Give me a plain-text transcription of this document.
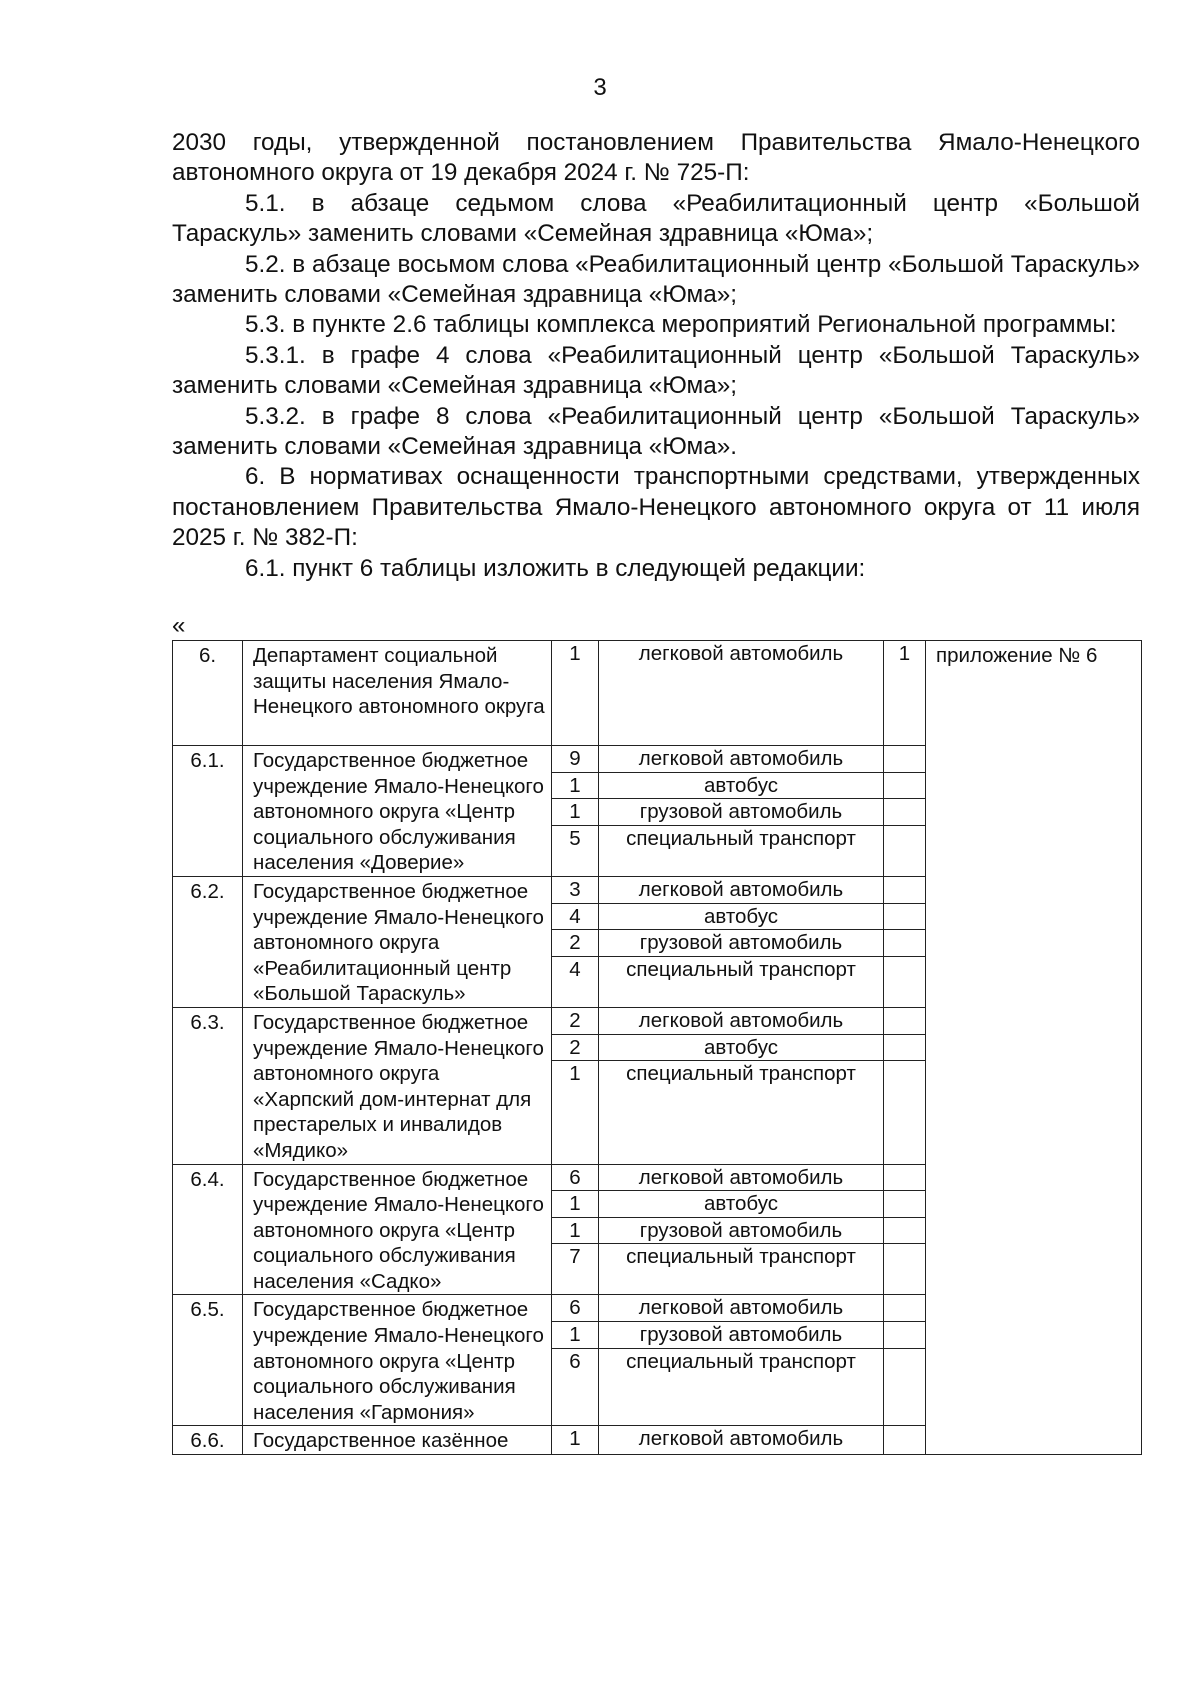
3

2030 годы, утвержденной постановлением Правительства Ямало-Ненецкого автономного округа от 19 декабря 2024 г. № 725-П:

5.1. в абзаце седьмом слова «Реабилитационный центр «Большой Тараскуль» заменить словами «Семейная здравница «Юма»;

5.2. в абзаце восьмом слова «Реабилитационный центр «Большой Тараскуль» заменить словами «Семейная здравница «Юма»;

5.3. в пункте 2.6 таблицы комплекса мероприятий Региональной программы:

5.3.1. в графе 4 слова «Реабилитационный центр «Большой Тараскуль» заменить словами «Семейная здравница «Юма»;

5.3.2. в графе 8 слова «Реабилитационный центр «Большой Тараскуль» заменить словами «Семейная здравница «Юма».

6. В нормативах оснащенности транспортными средствами, утвержденных постановлением Правительства Ямало-Ненецкого автономного округа от 11 июля 2025 г. № 382-П:

6.1. пункт 6 таблицы изложить в следующей редакции:

«
6.	Департамент социальной защиты населения Ямало-Ненецкого автономного округа	1	легковой автомобиль	1	приложение № 6
6.1.	Государственное бюджетное учреждение Ямало-Ненецкого автономного округа «Центр социального обслуживания населения «Доверие»	9	легковой автомобиль		
		1	автобус		
		1	грузовой автомобиль		
		5	специальный транспорт		
6.2.	Государственное бюджетное учреждение Ямало-Ненецкого автономного округа «Реабилитационный центр «Большой Тараскуль»	3	легковой автомобиль		
		4	автобус		
		2	грузовой автомобиль		
		4	специальный транспорт		
6.3.	Государственное бюджетное учреждение Ямало-Ненецкого автономного округа «Харпский дом-интернат для престарелых и инвалидов «Мядико»	2	легковой автомобиль		
		2	автобус		
		1	специальный транспорт		
6.4.	Государственное бюджетное учреждение Ямало-Ненецкого автономного округа «Центр социального обслуживания населения «Садко»	6	легковой автомобиль		
		1	автобус		
		1	грузовой автомобиль		
		7	специальный транспорт		
6.5.	Государственное бюджетное учреждение Ямало-Ненецкого автономного округа «Центр социального обслуживания населения «Гармония»	6	легковой автомобиль		
		1	грузовой автомобиль		
		6	специальный транспорт		
6.6.	Государственное казённое	1	легковой автомобиль		
